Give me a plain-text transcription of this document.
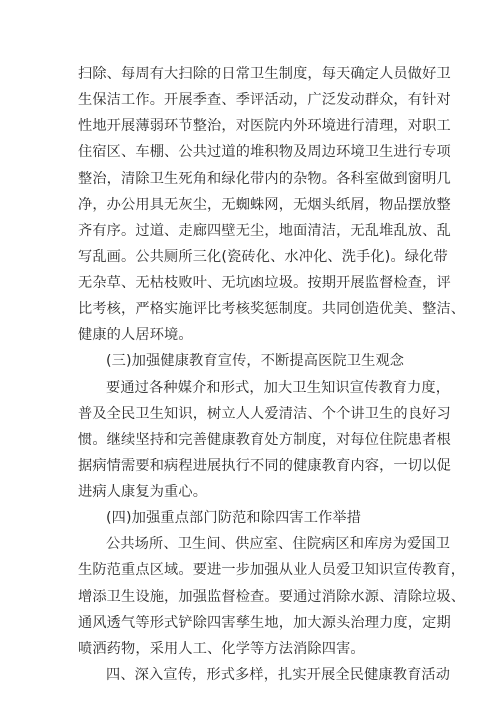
扫除、每周有大扫除的日常卫生制度，每天确定人员做好卫
生保洁工作。开展季查、季评活动，广泛发动群众，有针对
性地开展薄弱环节整治，对医院内外环境进行清理，对职工
住宿区、车棚、公共过道的堆积物及周边环境卫生进行专项
整治，清除卫生死角和绿化带内的杂物。各科室做到窗明几
净，办公用具无灰尘，无蜘蛛网，无烟头纸屑，物品摆放整
齐有序。过道、走廊四壁无尘，地面清洁，无乱堆乱放、乱
写乱画。公共厕所三化(瓷砖化、水冲化、洗手化)。绿化带
无杂草、无枯枝败叶、无坑凼垃圾。按期开展监督检查，评
比考核，严格实施评比考核奖惩制度。共同创造优美、整洁、
健康的人居环境。
(三)加强健康教育宣传，不断提高医院卫生观念
要通过各种媒介和形式，加大卫生知识宣传教育力度，
普及全民卫生知识，树立人人爱清洁、个个讲卫生的良好习
惯。继续坚持和完善健康教育处方制度，对每位住院患者根
据病情需要和病程进展执行不同的健康教育内容，一切以促
进病人康复为重心。
(四)加强重点部门防范和除四害工作举措
公共场所、卫生间、供应室、住院病区和库房为爱国卫
生防范重点区域。要进一步加强从业人员爱卫知识宣传教育，
增添卫生设施，加强监督检查。要通过消除水源、清除垃圾、
通风透气等形式铲除四害孳生地，加大源头治理力度，定期
喷洒药物，采用人工、化学等方法消除四害。
四、深入宣传，形式多样，扎实开展全民健康教育活动
